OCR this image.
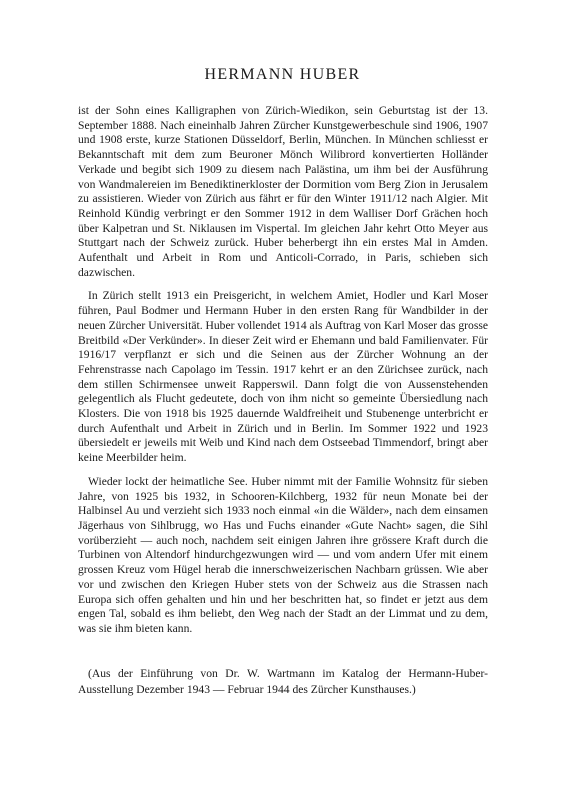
HERMANN HUBER

ist der Sohn eines Kalligraphen von Zürich-Wiedikon, sein Geburtstag ist der 13. September 1888. Nach eineinhalb Jahren Zürcher Kunstgewerbeschule sind 1906, 1907 und 1908 erste, kurze Stationen Düsseldorf, Berlin, München. In München schliesst er Bekanntschaft mit dem zum Beuroner Mönch Wilibrord konvertierten Holländer Verkade und begibt sich 1909 zu diesem nach Palästina, um ihm bei der Ausführung von Wandmalereien im Benediktinerkloster der Dormition vom Berg Zion in Jerusalem zu assistieren. Wieder von Zürich aus fährt er für den Winter 1911/12 nach Algier. Mit Reinhold Kündig verbringt er den Sommer 1912 in dem Walliser Dorf Grächen hoch über Kalpetran und St. Niklausen im Vispertal. Im gleichen Jahr kehrt Otto Meyer aus Stuttgart nach der Schweiz zurück. Huber beherbergt ihn ein erstes Mal in Amden. Aufenthalt und Arbeit in Rom und Anticoli-Corrado, in Paris, schieben sich dazwischen.

In Zürich stellt 1913 ein Preisgericht, in welchem Amiet, Hodler und Karl Moser führen, Paul Bodmer und Hermann Huber in den ersten Rang für Wandbilder in der neuen Zürcher Universität. Huber vollendet 1914 als Auftrag von Karl Moser das grosse Breitbild «Der Verkünder». In dieser Zeit wird er Ehemann und bald Familienvater. Für 1916/17 verpflanzt er sich und die Seinen aus der Zürcher Wohnung an der Fehrenstrasse nach Capolago im Tessin. 1917 kehrt er an den Zürichsee zurück, nach dem stillen Schirmensee unweit Rapperswil. Dann folgt die von Aussenstehenden gelegentlich als Flucht gedeutete, doch von ihm nicht so gemeinte Übersiedlung nach Klosters. Die von 1918 bis 1925 dauernde Waldfreiheit und Stubenenge unterbricht er durch Aufenthalt und Arbeit in Zürich und in Berlin. Im Sommer 1922 und 1923 übersiedelt er jeweils mit Weib und Kind nach dem Ostseebad Timmendorf, bringt aber keine Meerbilder heim.

Wieder lockt der heimatliche See. Huber nimmt mit der Familie Wohnsitz für sieben Jahre, von 1925 bis 1932, in Schooren-Kilchberg, 1932 für neun Monate bei der Halbinsel Au und verzieht sich 1933 noch einmal «in die Wälder», nach dem einsamen Jägerhaus von Sihlbrugg, wo Has und Fuchs einander «Gute Nacht» sagen, die Sihl vorüberzieht — auch noch, nachdem seit einigen Jahren ihre grössere Kraft durch die Turbinen von Altendorf hindurchgezwungen wird — und vom andern Ufer mit einem grossen Kreuz vom Hügel herab die innerschweizerischen Nachbarn grüssen. Wie aber vor und zwischen den Kriegen Huber stets von der Schweiz aus die Strassen nach Europa sich offen gehalten und hin und her beschritten hat, so findet er jetzt aus dem engen Tal, sobald es ihm beliebt, den Weg nach der Stadt an der Limmat und zu dem, was sie ihm bieten kann.

(Aus der Einführung von Dr. W. Wartmann im Katalog der Hermann-Huber-Ausstellung Dezember 1943 — Februar 1944 des Zürcher Kunsthauses.)
